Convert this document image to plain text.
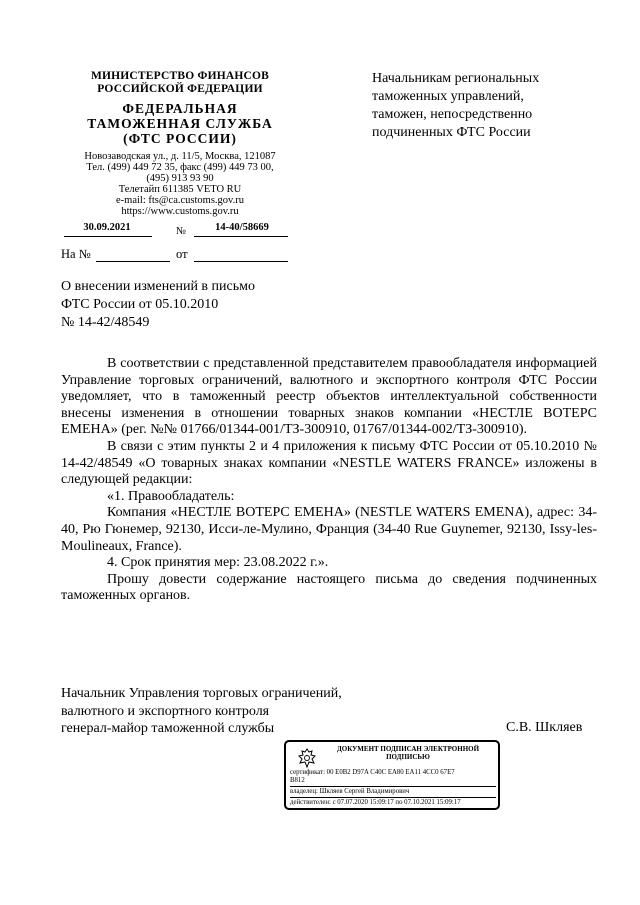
МИНИСТЕРСТВО ФИНАНСОВ
РОССИЙСКОЙ ФЕДЕРАЦИИ
ФЕДЕРАЛЬНАЯ
ТАМОЖЕННАЯ СЛУЖБА
(ФТС РОССИИ)
Новозаводская ул., д. 11/5, Москва, 121087
Тел. (499) 449 72 35, факс (499) 449 73 00,
(495) 913 93 90
Телетайп 611385 VETO RU
e-mail: fts@ca.customs.gov.ru
https://www.customs.gov.ru
30.09.2021	№	14-40/58669
На №	от
Начальникам региональных
таможенных управлений,
таможен, непосредственно
подчиненных ФТС России
О внесении изменений в письмо
ФТС России от 05.10.2010
№ 14-42/48549

В соответствии с представленной представителем правообладателя информацией Управление торговых ограничений, валютного и экспортного контроля ФТС России уведомляет, что в таможенный реестр объектов интеллектуальной собственности внесены изменения в отношении товарных знаков компании «НЕСТЛЕ ВОТЕРС ЕМЕНА» (рег. №№ 01766/01344-001/ТЗ-300910, 01767/01344-002/ТЗ-300910).

В связи с этим пункты 2 и 4 приложения к письму ФТС России от 05.10.2010 № 14-42/48549 «О товарных знаках компании «NESTLE WATERS FRANCE» изложены в следующей редакции:

«1. Правообладатель:

Компания «НЕСТЛЕ ВОТЕРС ЕМЕНА» (NESTLE WATERS EMENA), адрес: 34-40, Рю Гюнемер, 92130, Исси-ле-Мулино, Франция (34-40 Rue Guynemer, 92130, Issy-les-Moulineaux, France).

4. Срок принятия мер: 23.08.2022 г.».

Прошу довести содержание настоящего письма до сведения подчиненных таможенных органов.

Начальник Управления торговых ограничений,
валютного и экспортного контроля
генерал-майор таможенной службы	С.В. Шкляев
ДОКУМЕНТ ПОДПИСАН ЭЛЕКТРОННОЙ
ПОДПИСЬЮ
сертификат: 00 E0B2 D97A C40C EA80 EA11 4CC0 67E7
B812
владелец: Шкляев Сергей Владимирович
действителен: с 07.07.2020 15:09:17 по 07.10.2021 15:09:17
